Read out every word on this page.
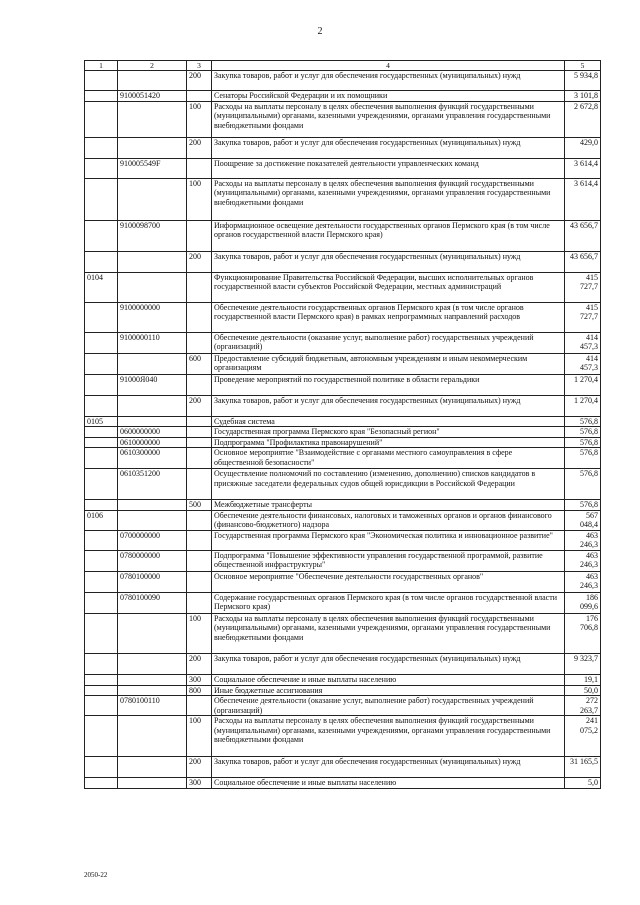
2
1	2	3	4	5
		200	Закупка товаров, работ и услуг для обеспечения государственных (муниципальных) нужд	5 934,8
	9100051420		Сенаторы Российской Федерации и их помощники	3 101,8
		100	Расходы на выплаты персоналу в целях обеспечения выполнения функций государственными (муниципальными) органами, казенными учреждениями, органами управления государственными внебюджетными фондами	2 672,8
		200	Закупка товаров, работ и услуг для обеспечения государственных (муниципальных) нужд	429,0
	910005549F		Поощрение за достижение показателей деятельности управленческих команд	3 614,4
		100	Расходы на выплаты персоналу в целях обеспечения выполнения функций государственными (муниципальными) органами, казенными учреждениями, органами управления государственными внебюджетными фондами	3 614,4
	9100098700		Информационное освещение деятельности государственных органов Пермского края (в том числе органов государственной власти Пермского края)	43 656,7
		200	Закупка товаров, работ и услуг для обеспечения государственных (муниципальных) нужд	43 656,7
0104			Функционирование Правительства Российской Федерации, высших исполнительных органов государственной власти субъектов Российской Федерации, местных администраций	415 727,7
	9100000000		Обеспечение деятельности государственных органов Пермского края (в том числе органов государственной власти Пермского края) в рамках непрограммных направлений расходов	415 727,7
	9100000110		Обеспечение деятельности (оказание услуг, выполнение работ) государственных учреждений (организаций)	414 457,3
		600	Предоставление субсидий бюджетным, автономным учреждениям и иным некоммерческим организациям	414 457,3
	91000Я040		Проведение мероприятий по государственной политике в области геральдики	1 270,4
		200	Закупка товаров, работ и услуг для обеспечения государственных (муниципальных) нужд	1 270,4
0105			Судебная система	576,8
	0600000000		Государственная программа Пермского края "Безопасный регион"	576,8
	0610000000		Подпрограмма "Профилактика правонарушений"	576,8
	0610300000		Основное мероприятие "Взаимодействие с органами местного самоуправления в сфере общественной безопасности"	576,8
	0610351200		Осуществление полномочий по составлению (изменению, дополнению) списков кандидатов в присяжные заседатели федеральных судов общей юрисдикции в Российской Федерации	576,8
		500	Межбюджетные трансферты	576,8
0106			Обеспечение деятельности финансовых, налоговых и таможенных органов и органов финансового (финансово-бюджетного) надзора	567 048,4
	0700000000		Государственная программа Пермского края "Экономическая политика и инновационное развитие"	463 246,3
	0780000000		Подпрограмма "Повышение эффективности управления государственной программой, развитие общественной инфраструктуры"	463 246,3
	0780100000		Основное мероприятие "Обеспечение деятельности государственных органов"	463 246,3
	0780100090		Содержание государственных органов Пермского края (в том числе органов государственной власти Пермского края)	186 099,6
		100	Расходы на выплаты персоналу в целях обеспечения выполнения функций государственными (муниципальными) органами, казенными учреждениями, органами управления государственными внебюджетными фондами	176 706,8
		200	Закупка товаров, работ и услуг для обеспечения государственных (муниципальных) нужд	9 323,7
		300	Социальное обеспечение и иные выплаты населению	19,1
		800	Иные бюджетные ассигнования	50,0
	0780100110		Обеспечение деятельности (оказание услуг, выполнение работ) государственных учреждений (организаций)	272 263,7
		100	Расходы на выплаты персоналу в целях обеспечения выполнения функций государственными (муниципальными) органами, казенными учреждениями, органами управления государственными внебюджетными фондами	241 075,2
		200	Закупка товаров, работ и услуг для обеспечения государственных (муниципальных) нужд	31 165,5
		300	Социальное обеспечение и иные выплаты населению	5,0
2050-22
